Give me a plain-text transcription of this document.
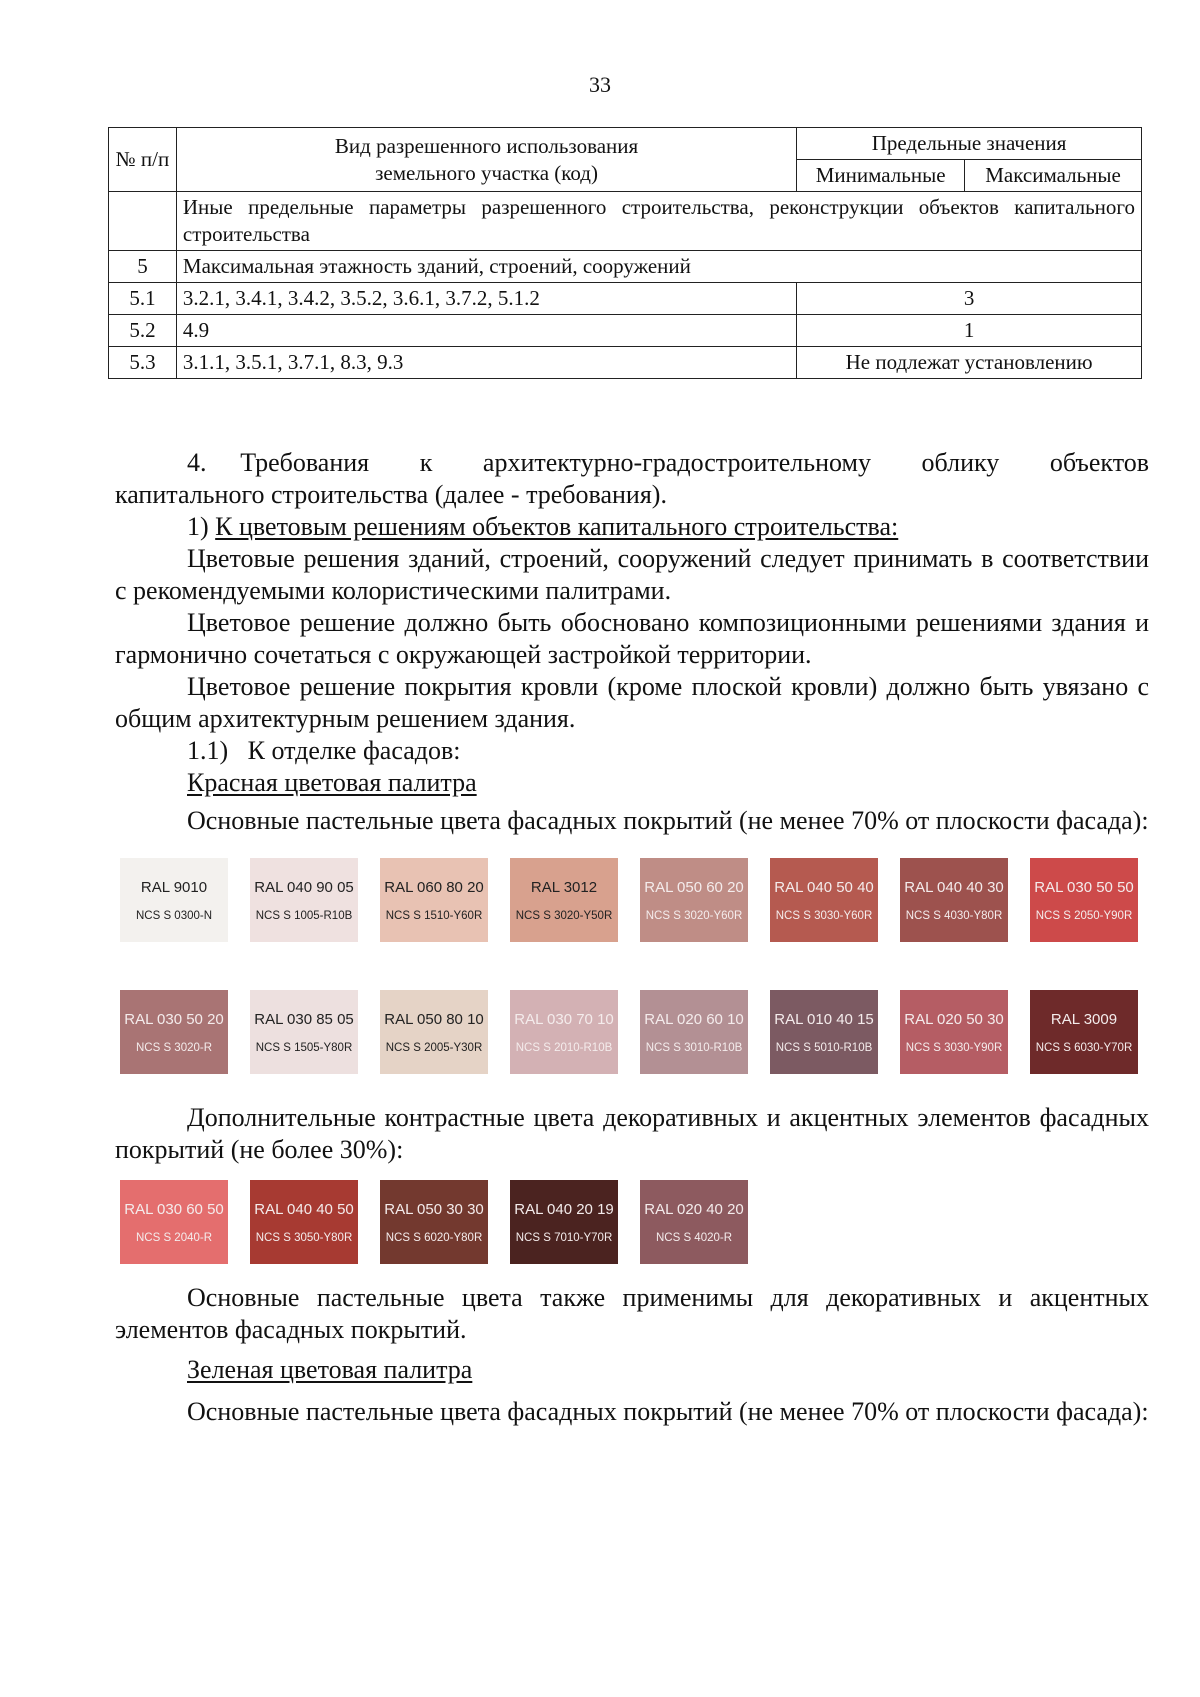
33
№ п/п	Вид разрешенного использования земельного участка (код)	Предельные значения	
		Минимальные	Максимальные
	Иные предельные параметры разрешенного строительства, реконструкции объектов капитального строительства		
5	Максимальная этажность зданий, строений, сооружений		
5.1	3.2.1, 3.4.1, 3.4.2, 3.5.2, 3.6.1, 3.7.2, 5.1.2	3	
5.2	4.9	1	
5.3	3.1.1, 3.5.1, 3.7.1, 8.3, 9.3	Не подлежат установлению	
4.  Требования   к   архитектурно-градостроительному   облику   объектов
капитального строительства (далее - требования).
1) К цветовым решениям объектов капитального строительства:
Цветовые решения зданий, строений, сооружений следует принимать в соответствии с рекомендуемыми колористическими палитрами.
Цветовое решение должно быть обосновано композиционными решениями здания и гармонично сочетаться с окружающей застройкой территории.
Цветовое решение покрытия кровли (кроме плоской кровли) должно быть увязано с общим архитектурным решением здания.
1.1)   К отделке фасадов:
Красная цветовая палитра
Основные пастельные цвета фасадных покрытий (не менее 70% от плоскости фасада):
RAL 9010
NCS S 0300-N
RAL 040 90 05
NCS S 1005-R10B
RAL 060 80 20
NCS S 1510-Y60R
RAL 3012
NCS S 3020-Y50R
RAL 050 60 20
NCS S 3020-Y60R
RAL 040 50 40
NCS S 3030-Y60R
RAL 040 40 30
NCS S 4030-Y80R
RAL 030 50 50
NCS S 2050-Y90R
RAL 030 50 20
NCS S 3020-R
RAL 030 85 05
NCS S 1505-Y80R
RAL 050 80 10
NCS S 2005-Y30R
RAL 030 70 10
NCS S 2010-R10B
RAL 020 60 10
NCS S 3010-R10B
RAL 010 40 15
NCS S 5010-R10B
RAL 020 50 30
NCS S 3030-Y90R
RAL 3009
NCS S 6030-Y70R
Дополнительные контрастные цвета декоративных и акцентных элементов фасадных покрытий (не более 30%):
RAL 030 60 50
NCS S 2040-R
RAL 040 40 50
NCS S 3050-Y80R
RAL 050 30 30
NCS S 6020-Y80R
RAL 040 20 19
NCS S 7010-Y70R
RAL 020 40 20
NCS S 4020-R
Основные пастельные цвета также применимы для декоративных и акцентных элементов фасадных покрытий.
Зеленая цветовая палитра
Основные пастельные цвета фасадных покрытий (не менее 70% от плоскости фасада):
